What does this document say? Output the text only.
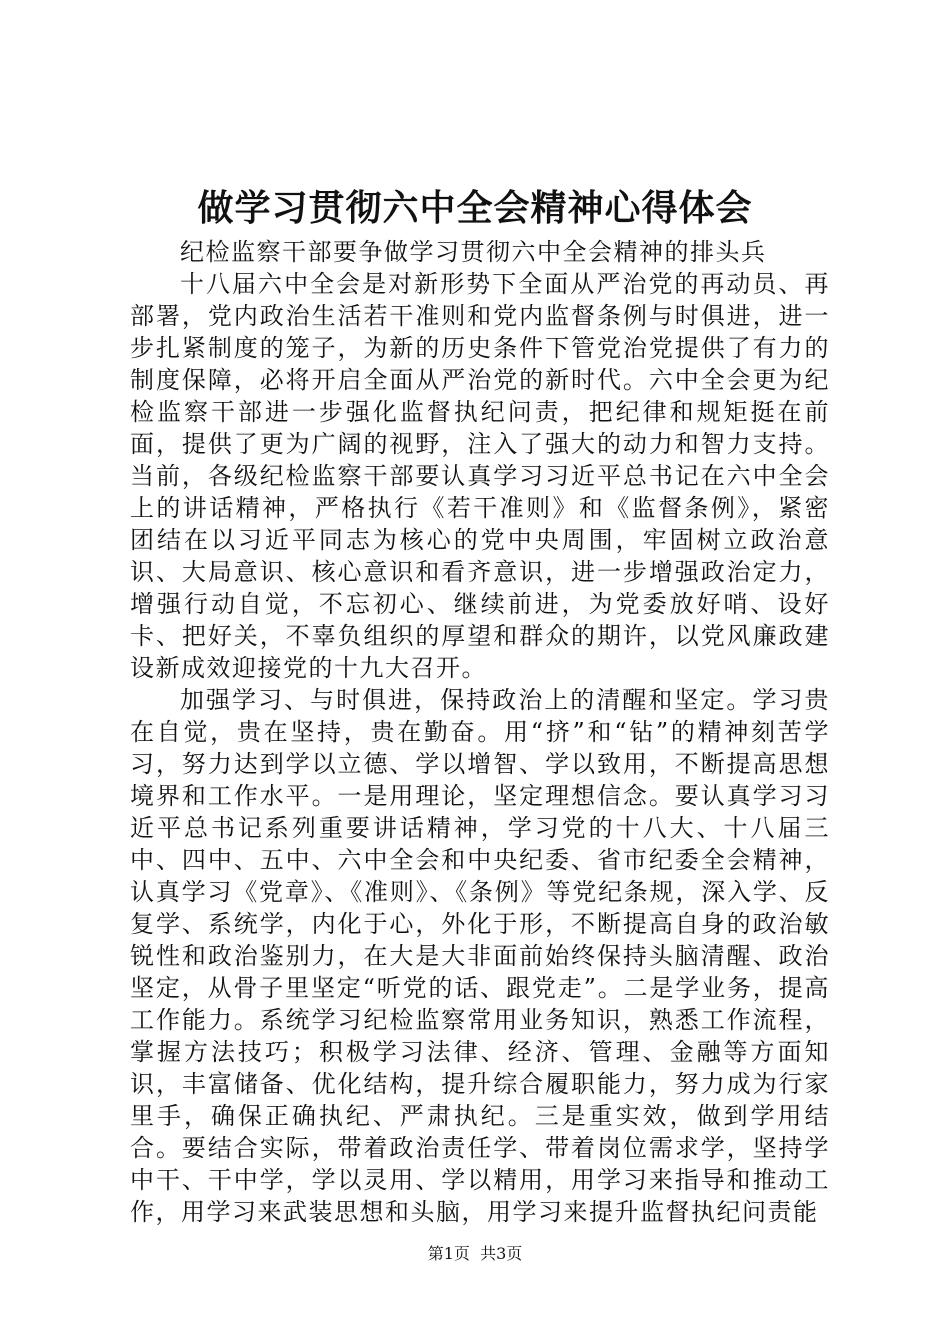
做学习贯彻六中全会精神心得体会

纪检监察干部要争做学习贯彻六中全会精神的排头兵

十八届六中全会是对新形势下全面从严治党的再动员、再部署，党内政治生活若干准则和党内监督条例与时俱进，进一步扎紧制度的笼子，为新的历史条件下管党治党提供了有力的制度保障，必将开启全面从严治党的新时代。六中全会更为纪检监察干部进一步强化监督执纪问责，把纪律和规矩挺在前面，提供了更为广阔的视野，注入了强大的动力和智力支持。当前，各级纪检监察干部要认真学习习近平总书记在六中全会上的讲话精神，严格执行《若干准则》和《监督条例》，紧密团结在以习近平同志为核心的党中央周围，牢固树立政治意识、大局意识、核心意识和看齐意识，进一步增强政治定力，增强行动自觉，不忘初心、继续前进，为党委放好哨、设好卡、把好关，不辜负组织的厚望和群众的期许，以党风廉政建设新成效迎接党的十九大召开。

加强学习、与时俱进，保持政治上的清醒和坚定。学习贵在自觉，贵在坚持，贵在勤奋。用“挤”和“钻”的精神刻苦学习，努力达到学以立德、学以增智、学以致用，不断提高思想境界和工作水平。一是用理论，坚定理想信念。要认真学习习近平总书记系列重要讲话精神，学习党的十八大、十八届三中、四中、五中、六中全会和中央纪委、省市纪委全会精神，认真学习《党章》、《准则》、《条例》等党纪条规，深入学、反复学、系统学，内化于心，外化于形，不断提高自身的政治敏锐性和政治鉴别力，在大是大非面前始终保持头脑清醒、政治坚定，从骨子里坚定“听党的话、跟党走”。二是学业务，提高工作能力。系统学习纪检监察常用业务知识，熟悉工作流程，掌握方法技巧；积极学习法律、经济、管理、金融等方面知识，丰富储备、优化结构，提升综合履职能力，努力成为行家里手，确保正确执纪、严肃执纪。三是重实效，做到学用结合。要结合实际，带着政治责任学、带着岗位需求学，坚持学中干、干中学，学以灵用、学以精用，用学习来指导和推动工作，用学习来武装思想和头脑，用学习来提升监督执纪问责能

第1页  共3页
